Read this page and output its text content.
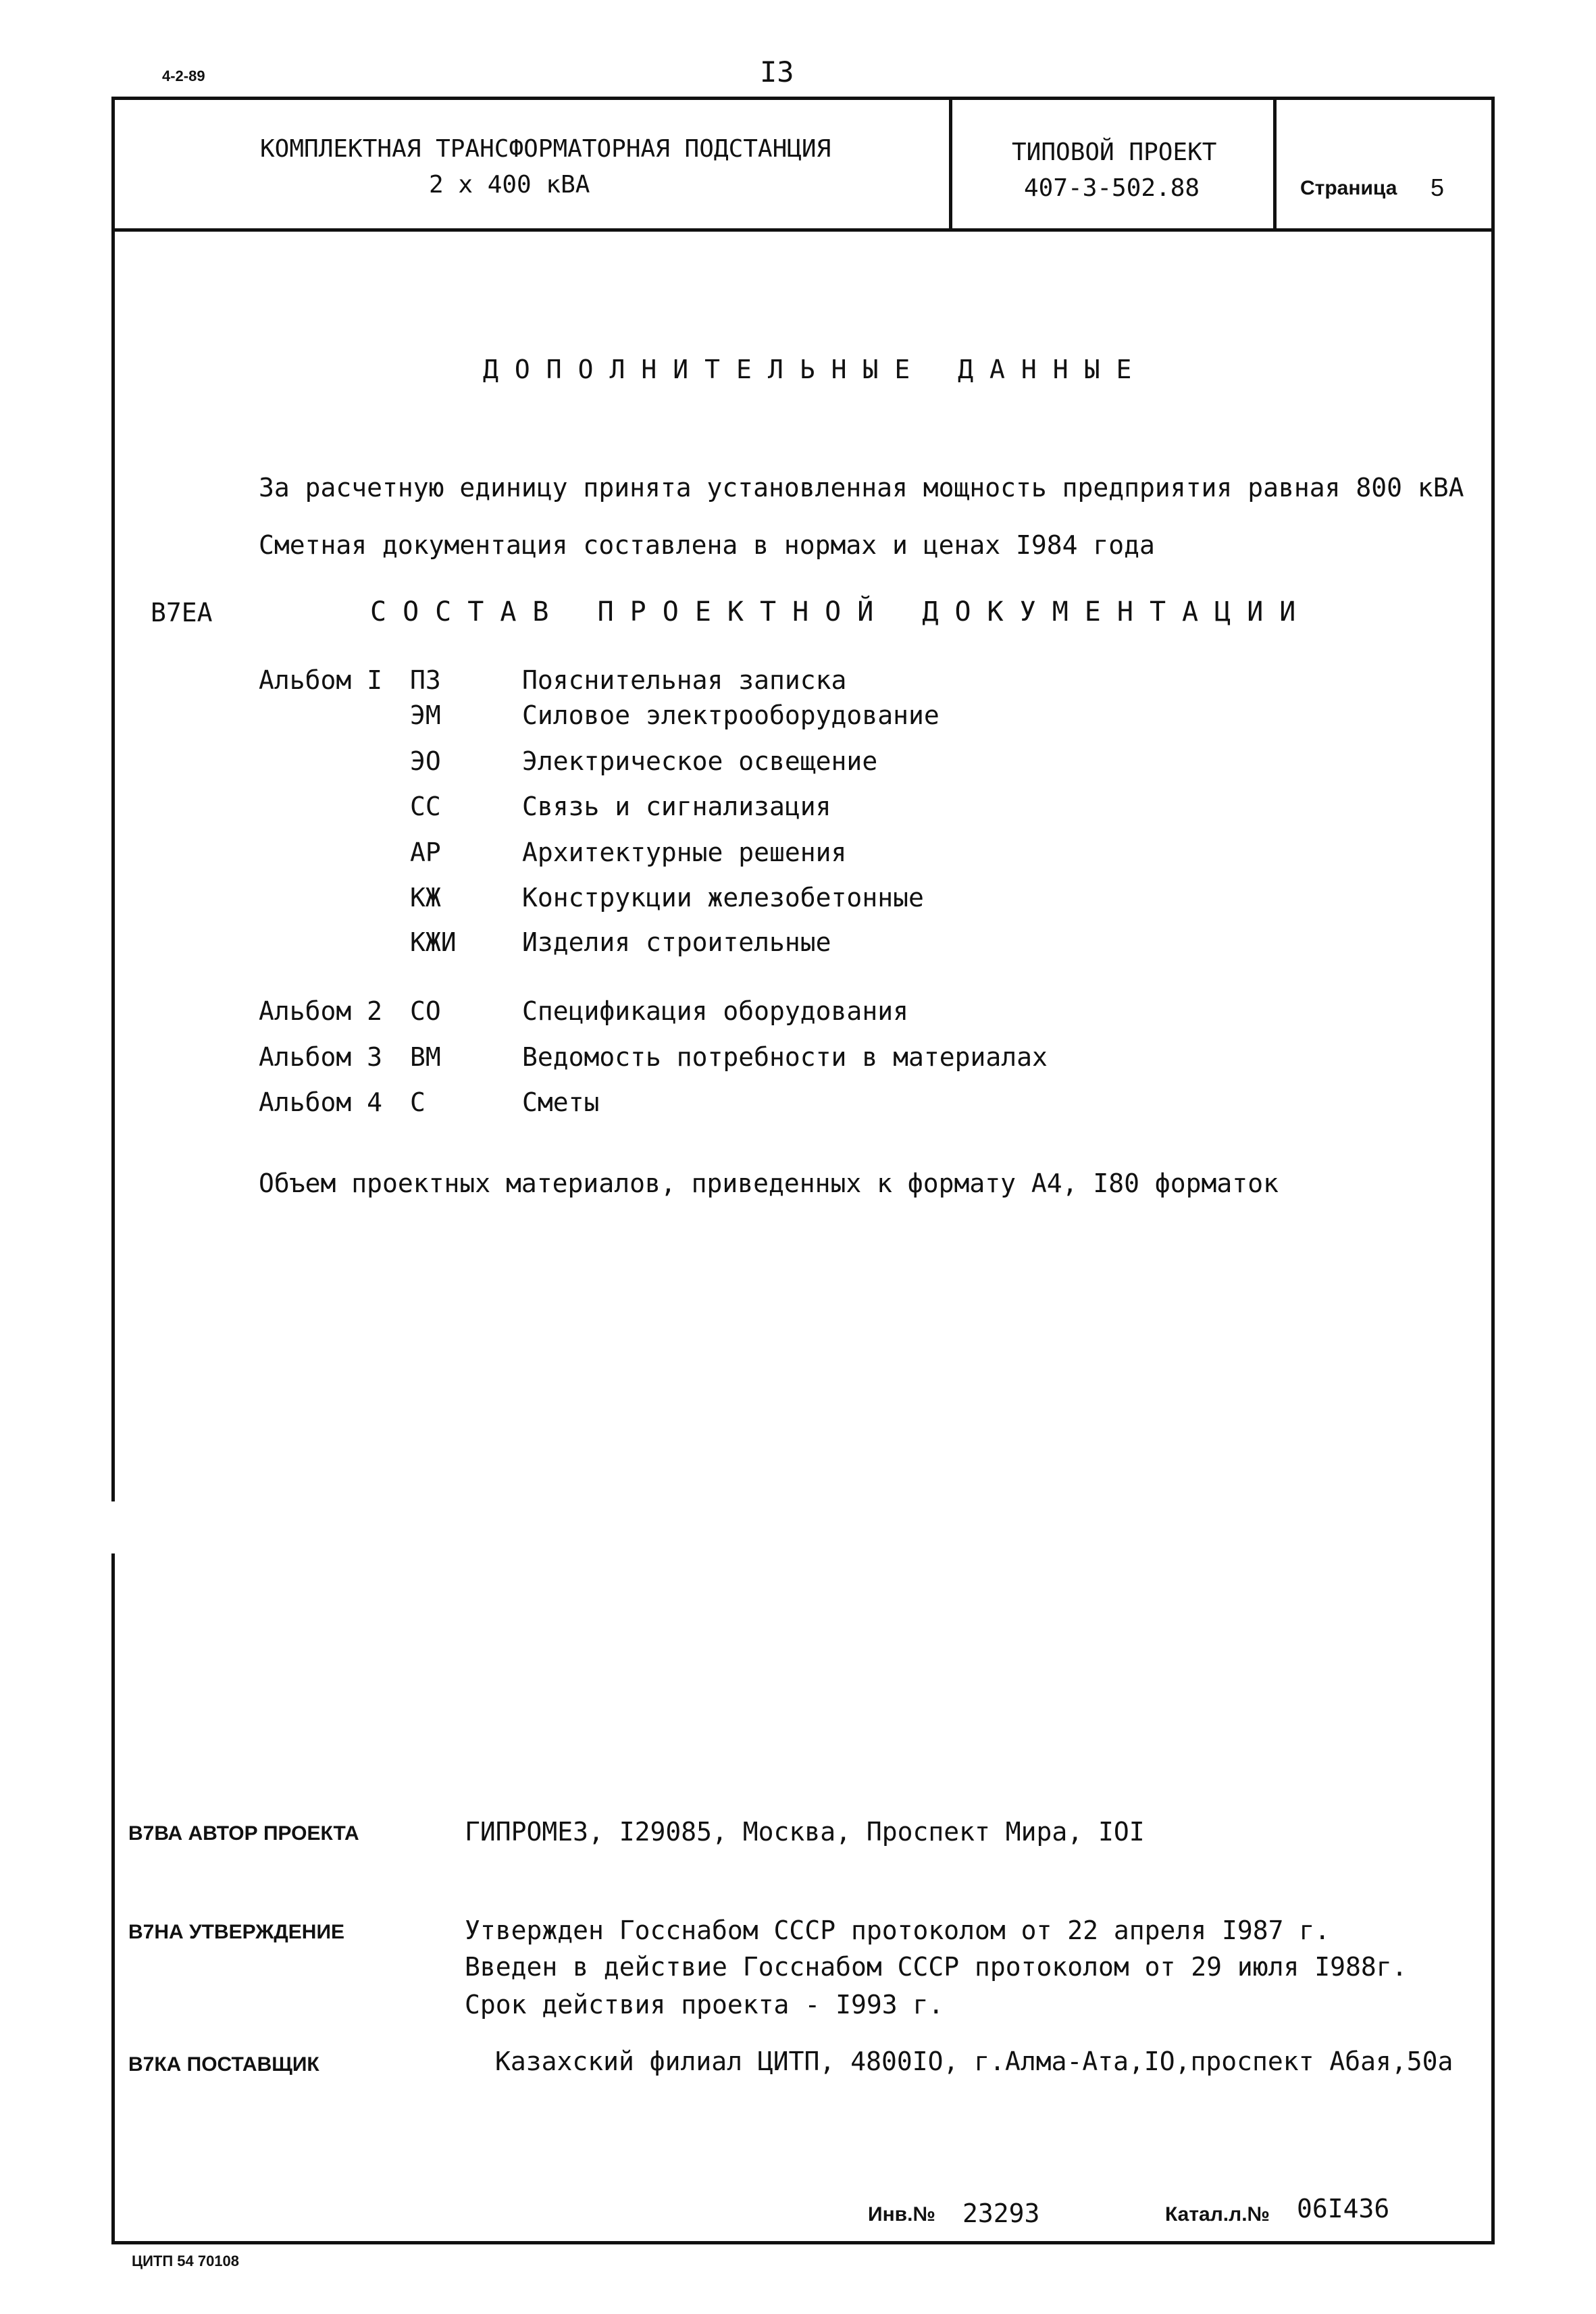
4-2-89	I3
ЦИТП 54 70108
КОМПЛЕКТНАЯ ТРАНСФОРМАТОРНАЯ ПОДСТАНЦИЯ
2 х 400 кВА
ТИПОВОЙ ПРОЕКТ
407-3-502.88	Страница 5
ДОПОЛНИТЕЛЬНЫЕ ДАННЫЕ
За расчетную единицу принята установленная мощность предприятия равная 800 кВА
Сметная документация составлена в нормах и ценах I984 года
В7ЕА	СОСТАВ ПРОЕКТНОЙ ДОКУМЕНТАЦИИ
Альбом I ПЗ	Пояснительная записка
ЭМ	Силовое электрооборудование
ЭО	Электрическое освещение
СС	Связь и сигнализация
АР	Архитектурные решения
КЖ	Конструкции железобетонные
КЖИ	Изделия строительные
Альбом 2 СО	Спецификация оборудования
Альбом 3 ВМ	Ведомость потребности в материалах
Альбом 4 С	Сметы
Объем проектных материалов, приведенных к формату А4, I80 форматок
В7ВА АВТОР ПРОЕКТА	ГИПРОМЕЗ, I29085, Москва, Проспект Мира, IOI
В7НА УТВЕРЖДЕНИЕ	Утвержден Госснабом СССР протоколом от 22 апреля I987 г.
Введен в действие Госснабом СССР протоколом от 29 июля I988г.
Срок действия проекта - I993 г.
В7КА ПОСТАВЩИК	Казахский филиал ЦИТП, 4800IO, г.Алма-Ата,IO,проспект Абая,50а
Инв.№ 23293	Катал.л.№ 06I436
